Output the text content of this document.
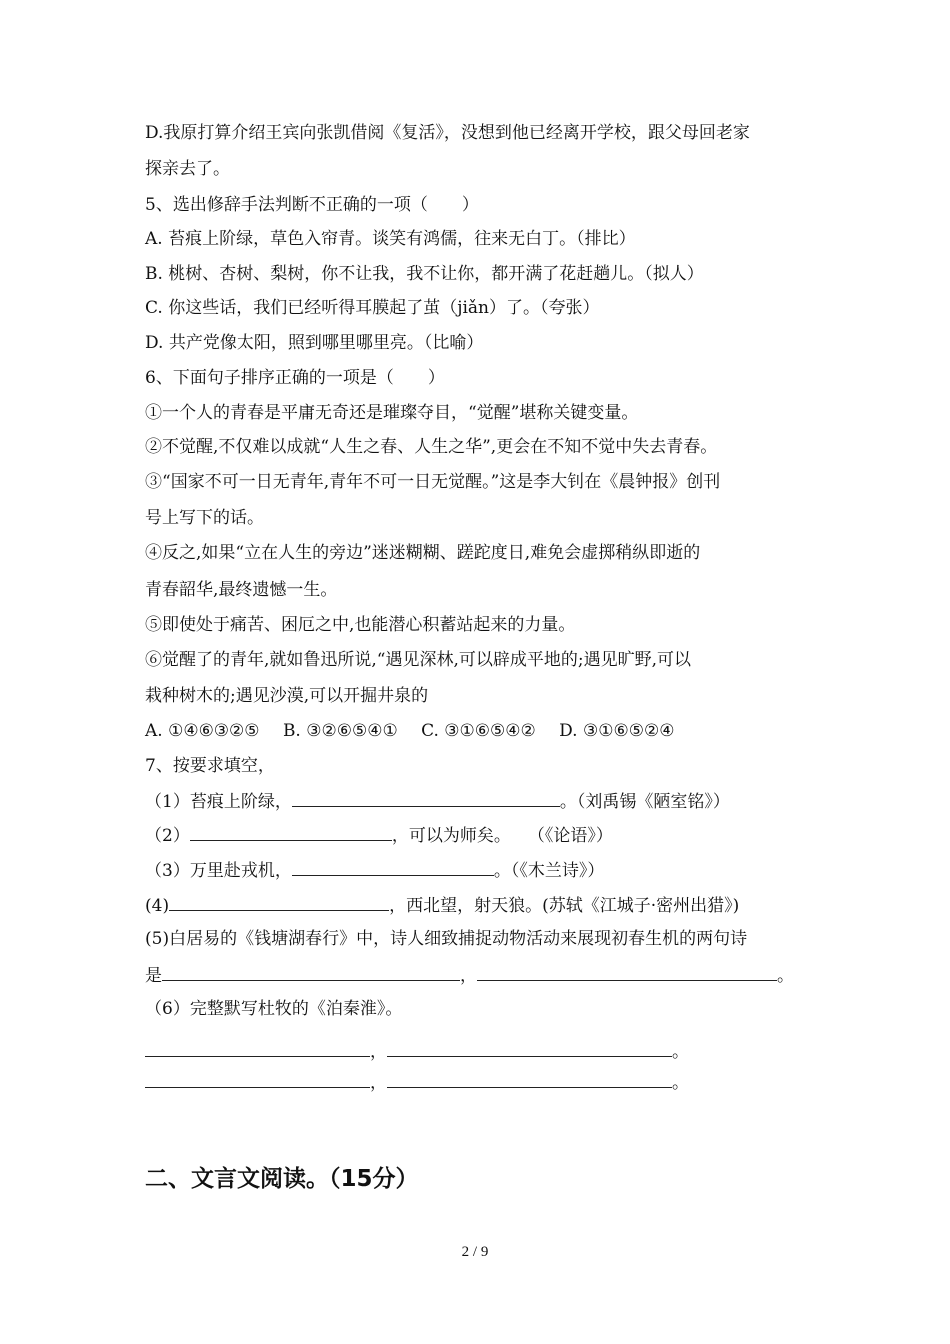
D.我原打算介绍王宾向张凯借阅《复活》，没想到他已经离开学校，跟父母回老家
探亲去了。
5、选出修辞手法判断不正确的一项（　　）
A. 苔痕上阶绿，草色入帘青。谈笑有鸿儒，往来无白丁。（排比）
B. 桃树、杏树、梨树，你不让我，我不让你，都开满了花赶趟儿。（拟人）
C. 你这些话，我们已经听得耳膜起了茧（jiǎn）了。（夸张）
D. 共产党像太阳，照到哪里哪里亮。（比喻）
6、下面句子排序正确的一项是（　　）
①一个人的青春是平庸无奇还是璀璨夺目，“觉醒”堪称关键变量。
②不觉醒,不仅难以成就“人生之春、人生之华”,更会在不知不觉中失去青春。
③“国家不可一日无青年,青年不可一日无觉醒。”这是李大钊在《晨钟报》创刊
号上写下的话。
④反之,如果“立在人生的旁边”迷迷糊糊、蹉跎度日,难免会虚掷稍纵即逝的
青春韶华,最终遗憾一生。
⑤即使处于痛苦、困厄之中,也能潜心积蓄站起来的力量。
⑥觉醒了的青年,就如鲁迅所说,“遇见深林,可以辟成平地的;遇见旷野,可以
栽种树木的;遇见沙漠,可以开掘井泉的
A. ①④⑥③②⑤ B. ③②⑥⑤④① C. ③①⑥⑤④② D. ③①⑥⑤②④
7、按要求填空，
（1）苔痕上阶绿，	。（刘禹锡《陋室铭》）
（2）	，可以为师矣。　　（《论语》）
（3）万里赴戎机，	。（《木兰诗》）
(4)	，西北望，射天狼。(苏轼《江城子·密州出猎》)
(5)白居易的《钱塘湖春行》中，诗人细致捕捉动物活动来展现初春生机的两句诗
是	，	。
（6）完整默写杜牧的《泊秦淮》。
，	。
，	。
二、文言文阅读。（15分）
2 / 9
